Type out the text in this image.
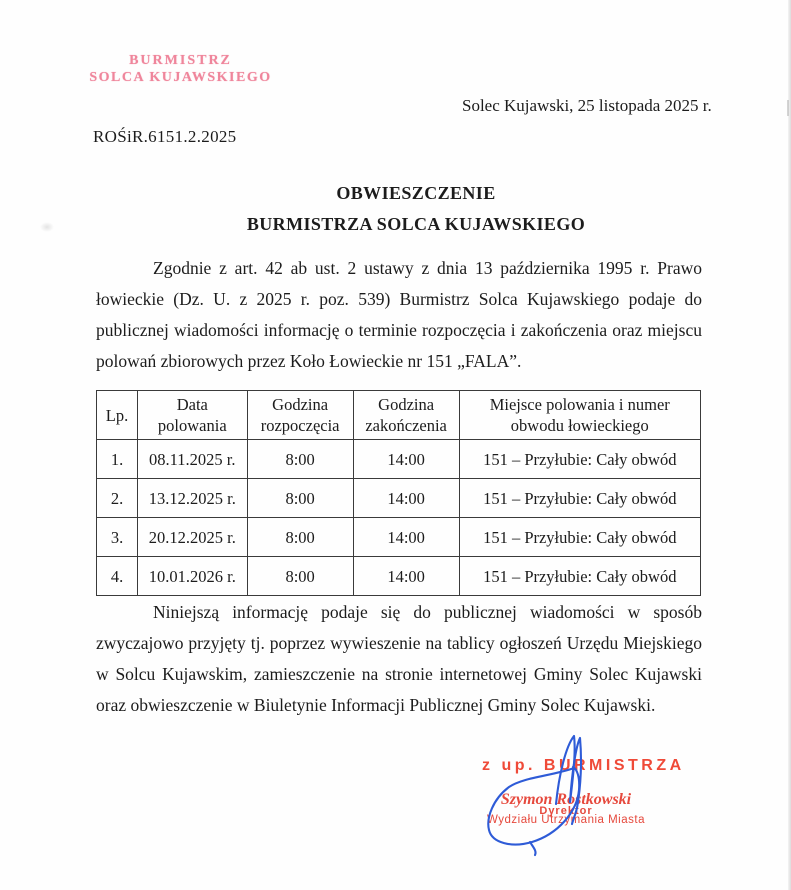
BURMISTRZ
SOLCA KUJAWSKIEGO
Solec Kujawski, 25 listopada 2025 r.
ROŚiR.6151.2.2025
OBWIESZCZENIE
BURMISTRZA SOLCA KUJAWSKIEGO
Zgodnie z art. 42 ab ust. 2 ustawy z dnia 13 października 1995 r. Prawo łowieckie (Dz. U. z 2025 r. poz. 539) Burmistrz Solca Kujawskiego podaje do publicznej wiadomości informację o terminie rozpoczęcia i zakończenia oraz miejscu polowań zbiorowych przez Koło Łowieckie nr 151 „FALA”.
Lp.	Data polowania	Godzina rozpoczęcia	Godzina zakończenia	Miejsce polowania i numer obwodu łowieckiego
1.	08.11.2025 r.	8:00	14:00	151 – Przyłubie: Cały obwód
2.	13.12.2025 r.	8:00	14:00	151 – Przyłubie: Cały obwód
3.	20.12.2025 r.	8:00	14:00	151 – Przyłubie: Cały obwód
4.	10.01.2026 r.	8:00	14:00	151 – Przyłubie: Cały obwód
Niniejszą informację podaje się do publicznej wiadomości w sposób zwyczajowo przyjęty tj. poprzez wywieszenie na tablicy ogłoszeń Urzędu Miejskiego w Solcu Kujawskim, zamieszczenie na stronie internetowej Gminy Solec Kujawski oraz obwieszczenie w Biuletynie Informacji Publicznej Gminy Solec Kujawski.
z up. BURMISTRZA
Szymon Rostkowski
Dyrektor
Wydziału Utrzymania Miasta
